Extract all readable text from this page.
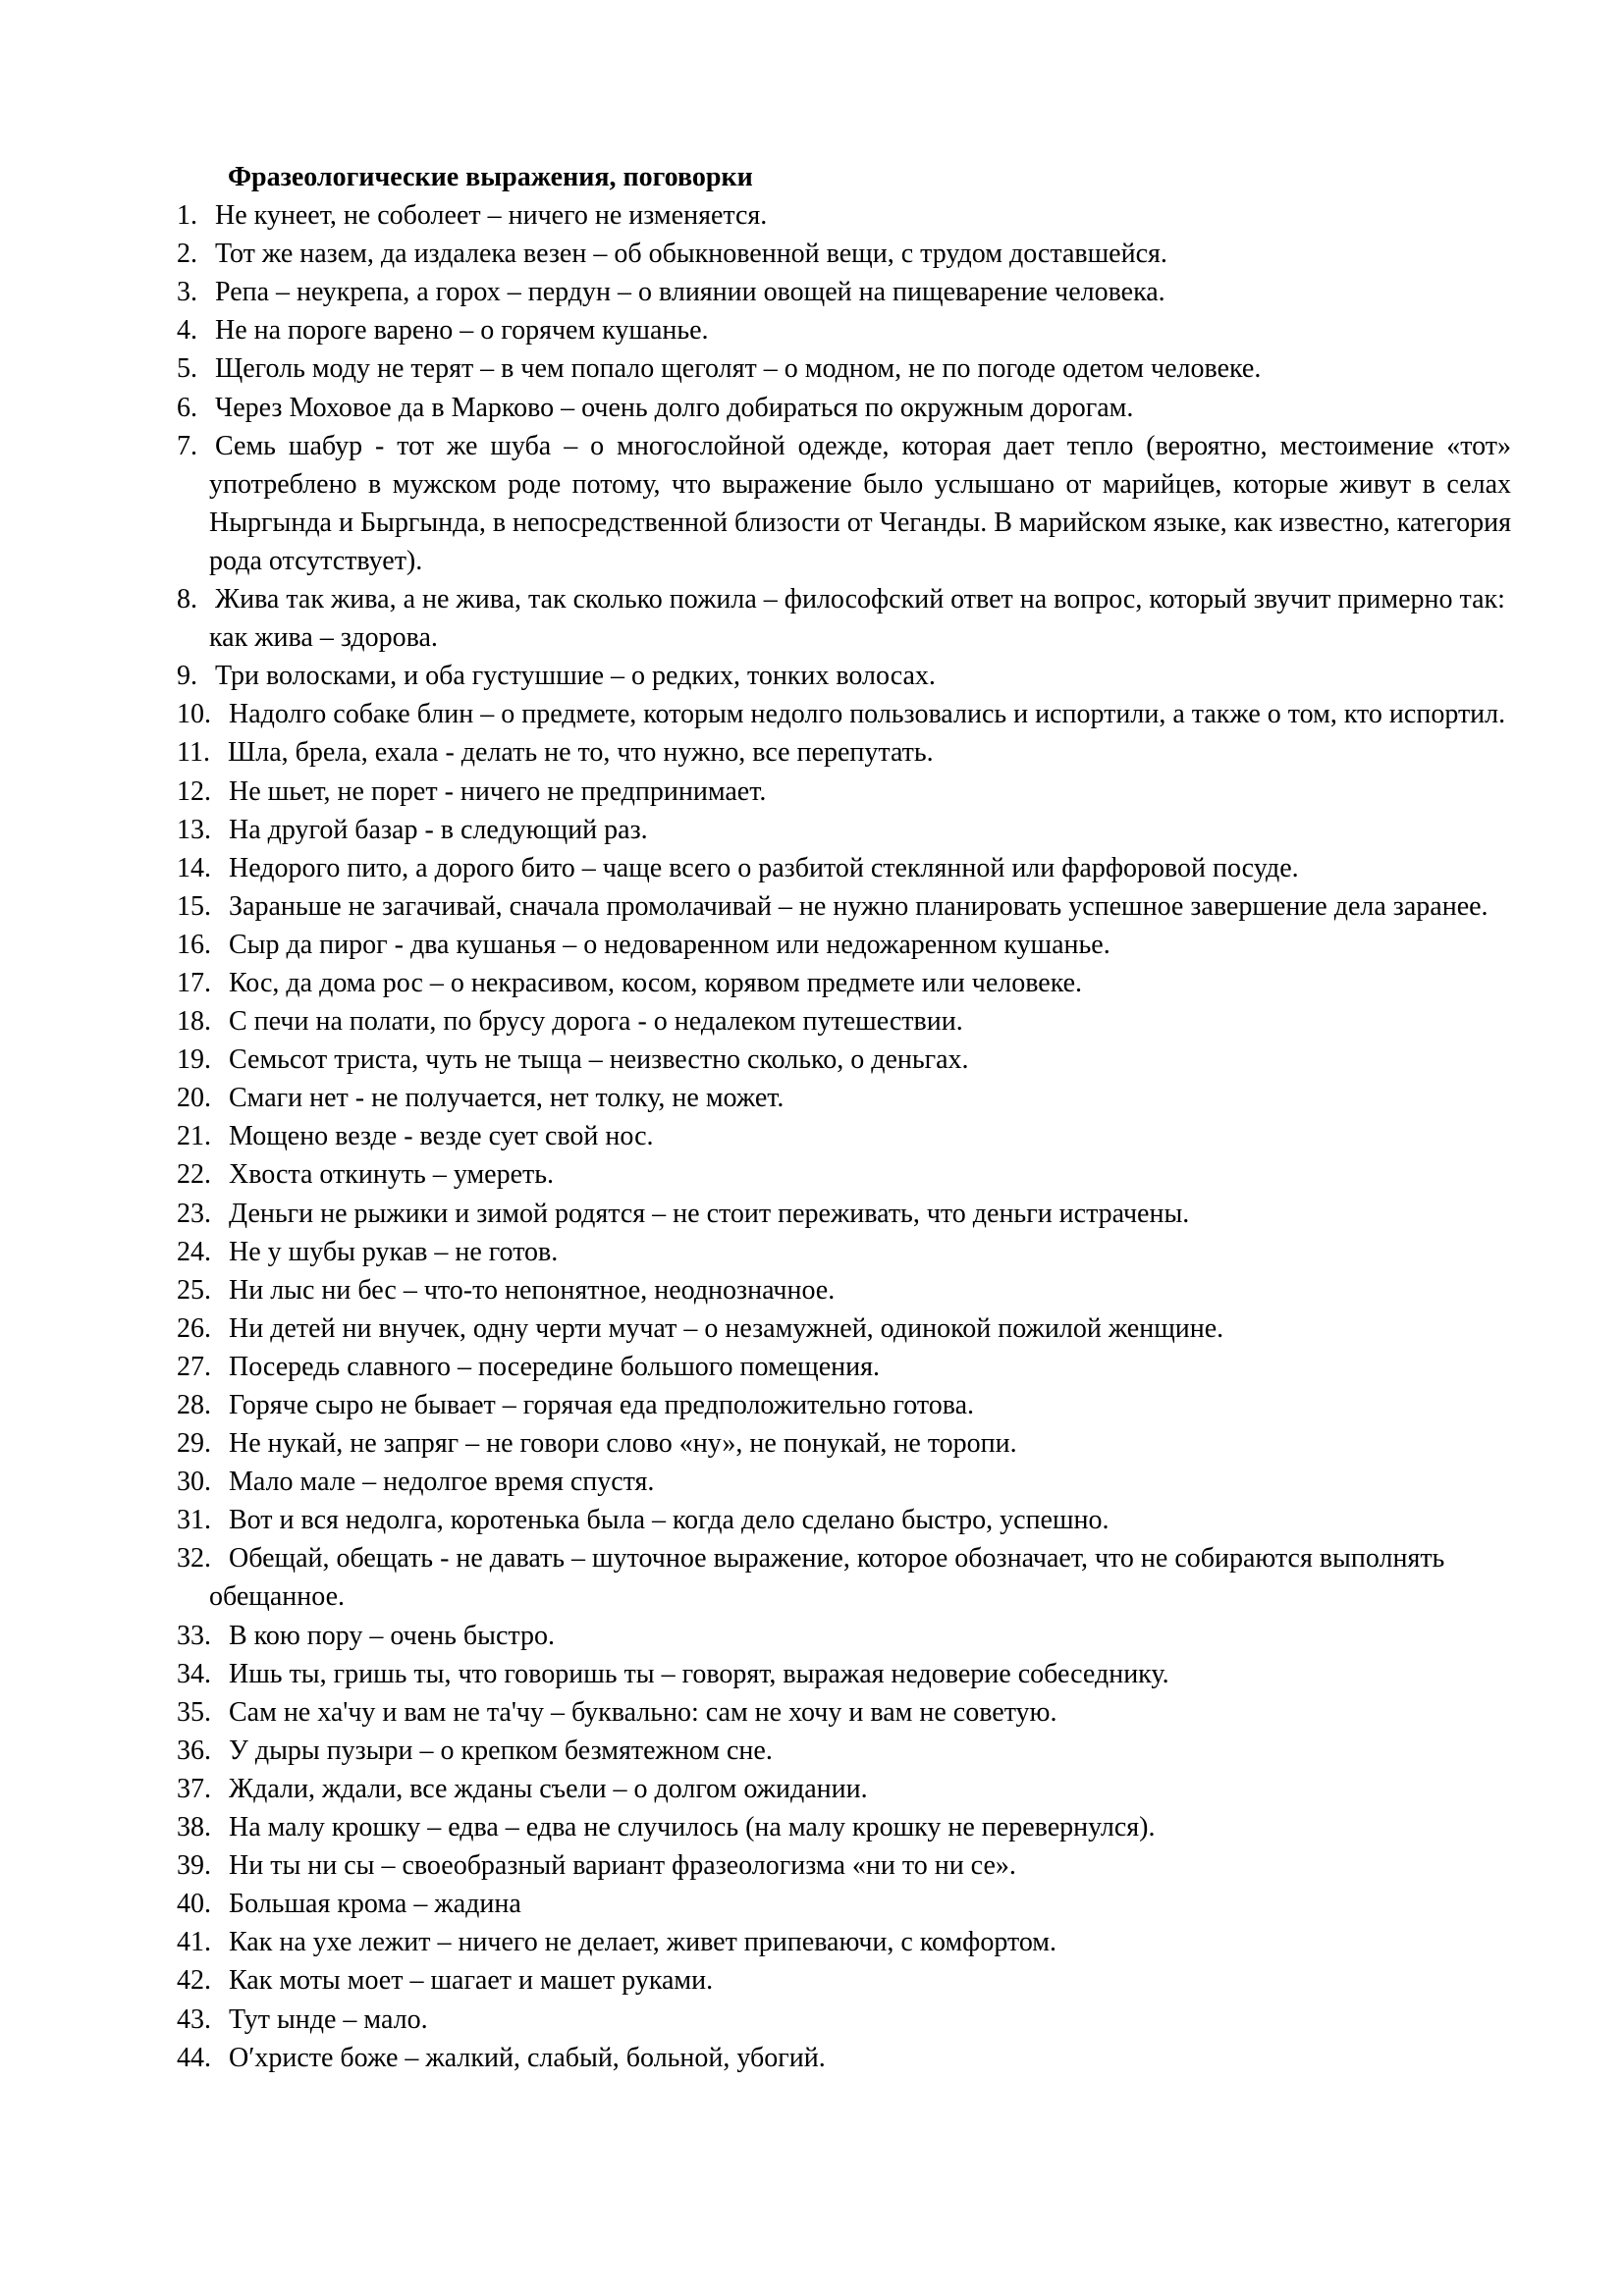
Фразеологические выражения, поговорки

1. Не кунеет, не соболеет – ничего не изменяется.
2. Тот же назем, да издалека везен – об обыкновенной вещи, с трудом доставшейся.
3. Репа – неукрепа, а горох – пердун – о влиянии овощей на пищеварение человека.
4. Не на пороге варено – о горячем кушанье.
5. Щеголь моду не терят – в чем попало щеголят – о модном, не по погоде одетом человеке.
6. Через Моховое да в Марково – очень долго добираться по окружным дорогам.
7. Семь шабур - тот же шуба – о многослойной одежде, которая дает тепло (вероятно, местоимение «тот» употреблено в мужском роде потому, что выражение было услышано от марийцев, которые живут в селах Ныргында и Быргында, в непосредственной близости от Чеганды. В марийском языке, как известно, категория рода отсутствует).
8. Жива так жива, а не жива, так сколько пожила – философский ответ на вопрос, который звучит примерно так: как жива – здорова.
9. Три волосками, и оба густушшие – о редких, тонких волосах.
10. Надолго собаке блин – о предмете, которым недолго пользовались и испортили, а также о том, кто испортил.
11. Шла, брела, ехала - делать не то, что нужно, все перепутать.
12. Не шьет, не порет - ничего не предпринимает.
13. На другой базар - в следующий раз.
14. Недорого пито, а дорого бито – чаще всего о разбитой стеклянной или фарфоровой посуде.
15. Зараньше не загачивай, сначала промолачивай – не нужно планировать успешное завершение дела заранее.
16. Сыр да пирог - два кушанья – о недоваренном или недожаренном кушанье.
17. Кос, да дома рос – о некрасивом, косом, корявом предмете или человеке.
18. С печи на полати, по брусу дорога - о недалеком путешествии.
19. Семьсот триста, чуть не тыща – неизвестно сколько, о деньгах.
20. Смаги нет - не получается, нет толку, не может.
21. Мощено везде - везде сует свой нос.
22. Хвоста откинуть – умереть.
23. Деньги не рыжики и зимой родятся – не стоит переживать, что деньги истрачены.
24. Не у шубы рукав – не готов.
25. Ни лыс ни бес – что-то непонятное, неоднозначное.
26. Ни детей ни внучек, одну черти мучат – о незамужней, одинокой пожилой женщине.
27. Посередь славного – посередине большого помещения.
28. Горяче сыро не бывает – горячая еда предположительно готова.
29. Не нукай, не запряг – не говори слово «ну», не понукай, не торопи.
30. Мало мале – недолгое время спустя.
31. Вот и вся недолга, коротенька была – когда дело сделано быстро, успешно.
32. Обещай, обещать - не давать – шуточное выражение, которое обозначает, что не собираются выполнять обещанное.
33. В кою пору – очень быстро.
34. Ишь ты, гришь ты, что говоришь ты – говорят, выражая недоверие собеседнику.
35. Сам не ха'чу и вам не та'чу – буквально: сам не хочу и вам не советую.
36. У дыры пузыри – о крепком безмятежном сне.
37. Ждали, ждали, все жданы съели – о долгом ожидании.
38. На малу крошку – едва – едва не случилось (на малу крошку не перевернулся).
39. Ни ты ни сы – своеобразный вариант фразеологизма «ни то ни се».
40. Большая крома – жадина
41. Как на ухе лежит – ничего не делает, живет припеваючи, с комфортом.
42. Как моты моет – шагает и машет руками.
43. Тут ынде – мало.
44. О′христе боже – жалкий, слабый, больной, убогий.
